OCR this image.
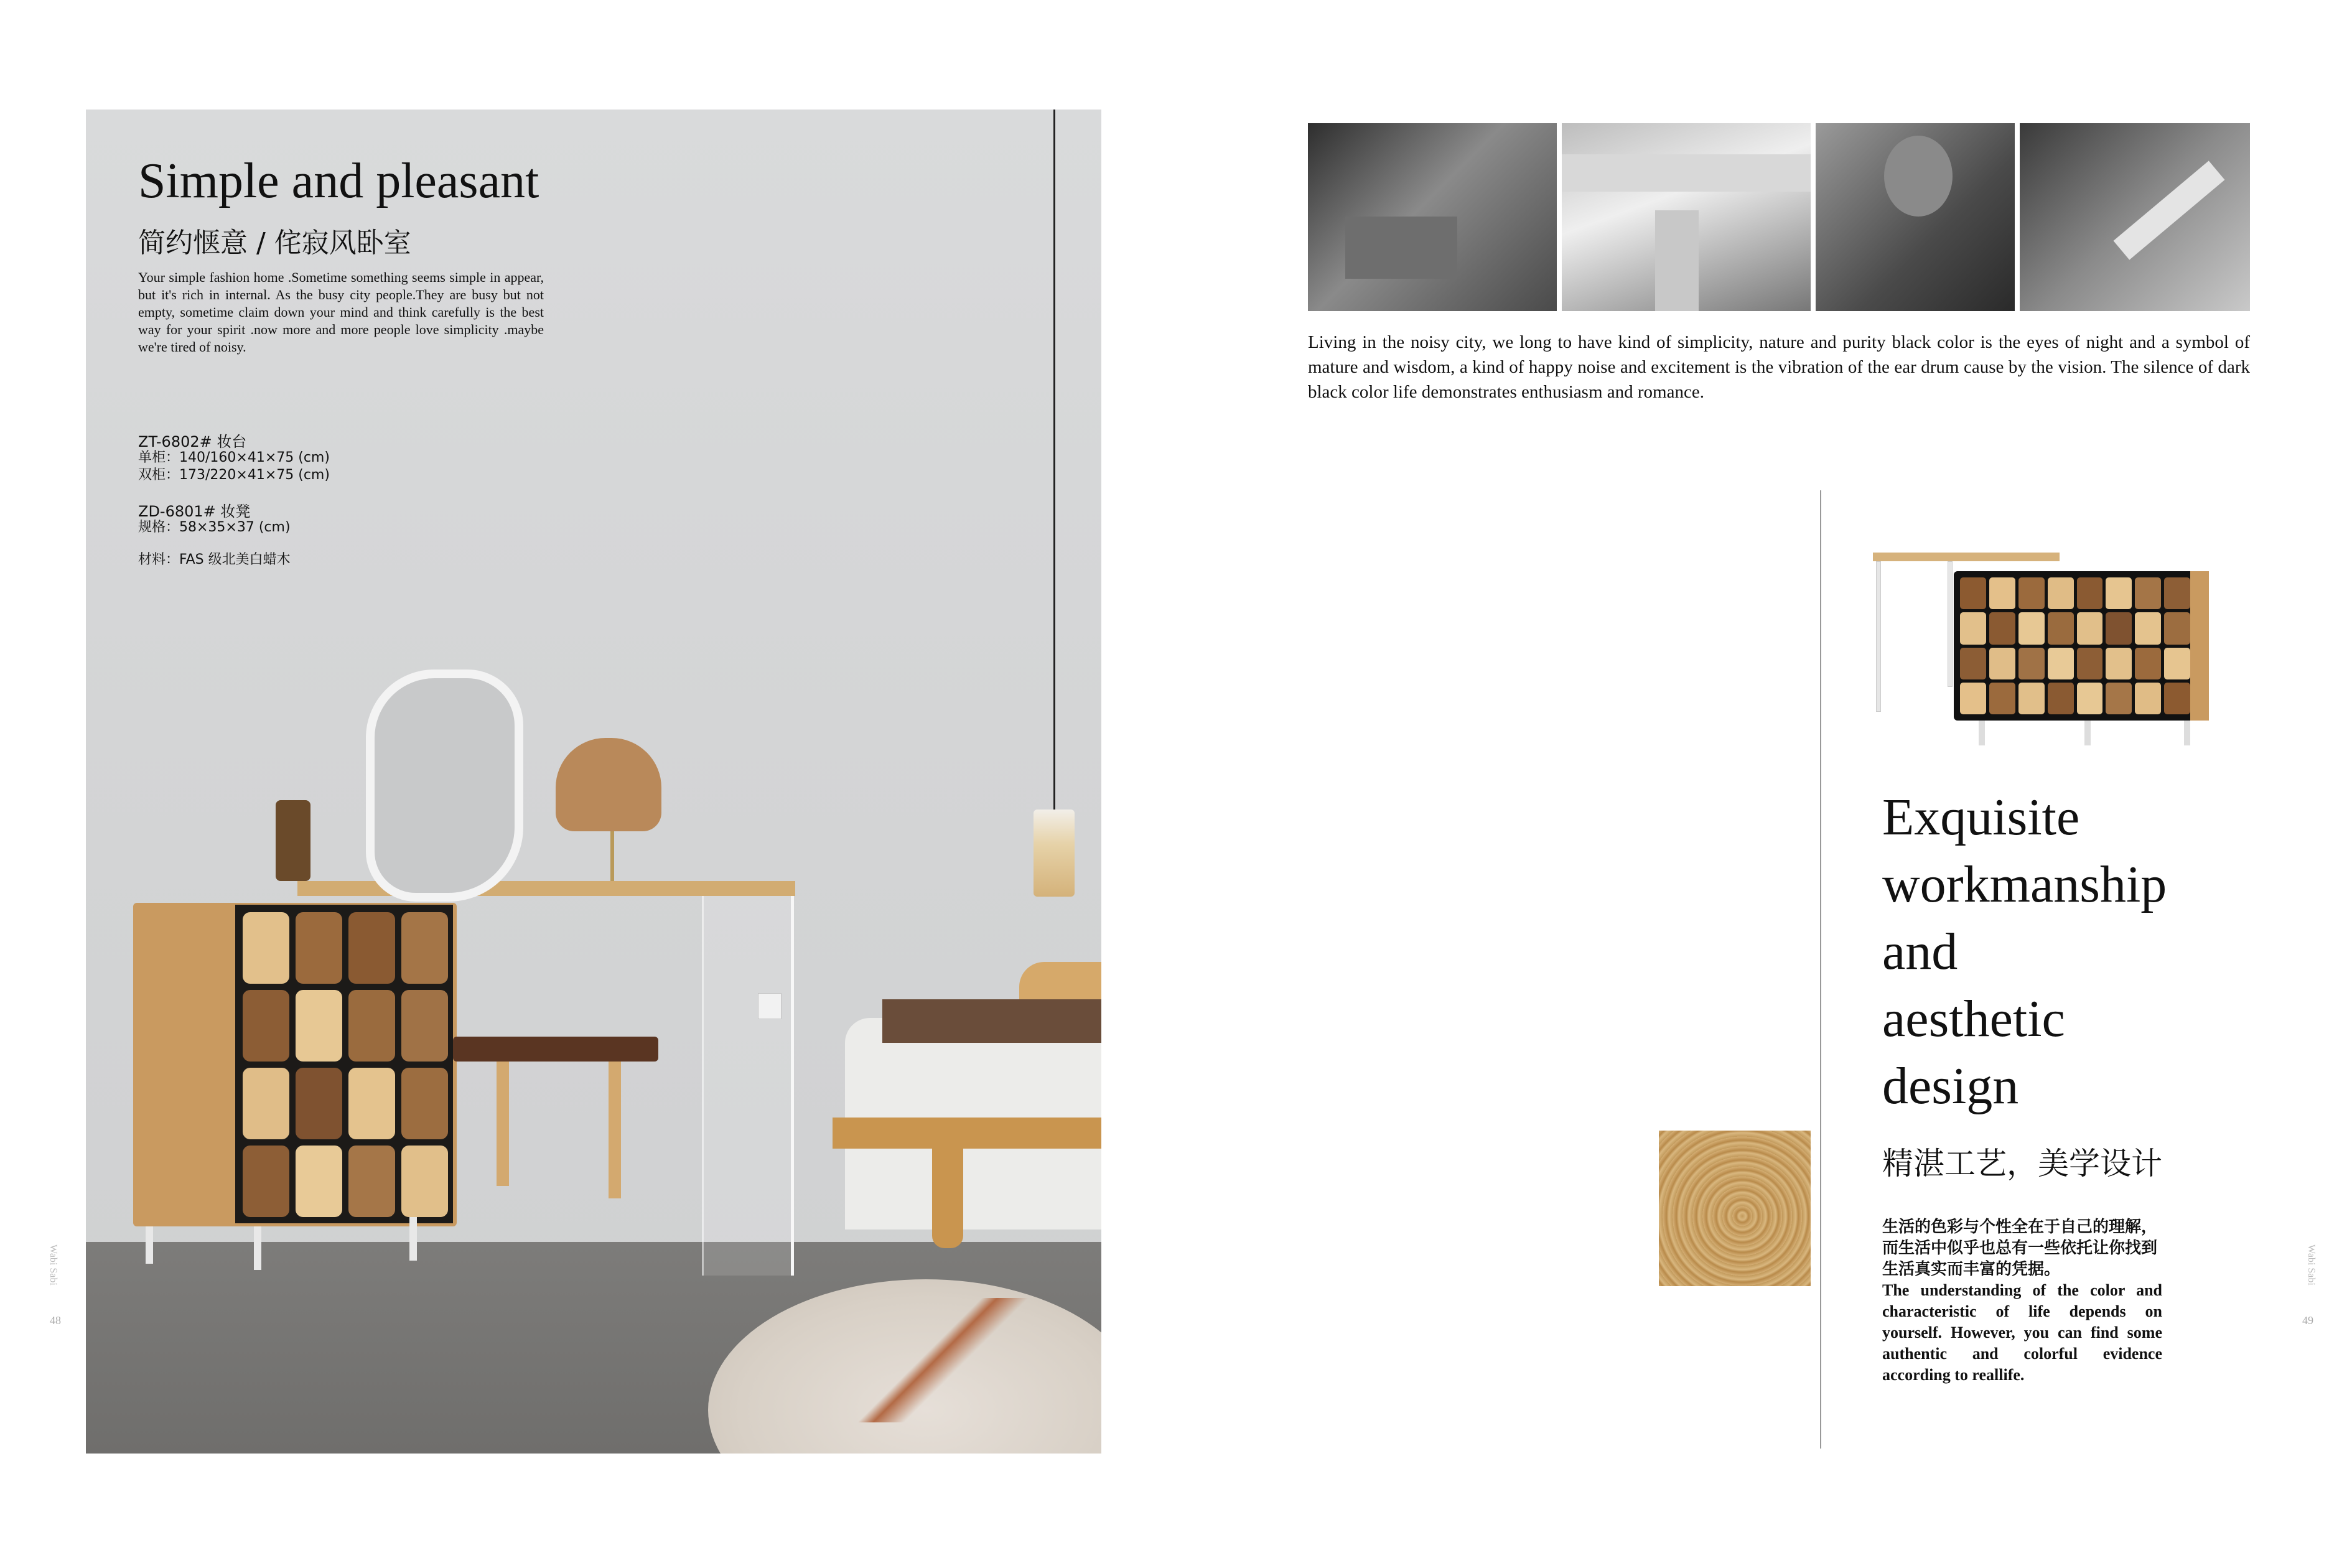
Simple and pleasant
简约惬意 / 侘寂风卧室
Your simple fashion home .Sometime something seems simple in appear, but it's rich in internal. As the busy city people.They are busy but not empty, sometime claim down your mind and think carefully is the best way for your spirit .now more and more people love simplicity .maybe we're tired of noisy.
ZT-6802# 妆台
单柜：140/160×41×75 (cm)
双柜：173/220×41×75 (cm)
ZD-6801# 妆凳
规格：58×35×37 (cm)
材料：FAS 级北美白蜡木
Wabi Sabi
48
Living in the noisy city, we long to have kind of simplicity, nature and purity black color is the eyes of night and a symbol of mature and wisdom, a kind of happy noise and excitement is the vibration of the ear drum cause by the vision. The silence of dark black color life demonstrates enthusiasm and romance.
Exquisite
workmanship
and
aesthetic
design
精湛工艺，美学设计
生活的色彩与个性全在于自己的理解，而生活中似乎也总有一些依托让你找到生活真实而丰富的凭据。
The understanding of the color and characteristic of life depends on yourself. However, you can find some authentic and colorful evidence according to reallife.
Wabi Sabi
49
